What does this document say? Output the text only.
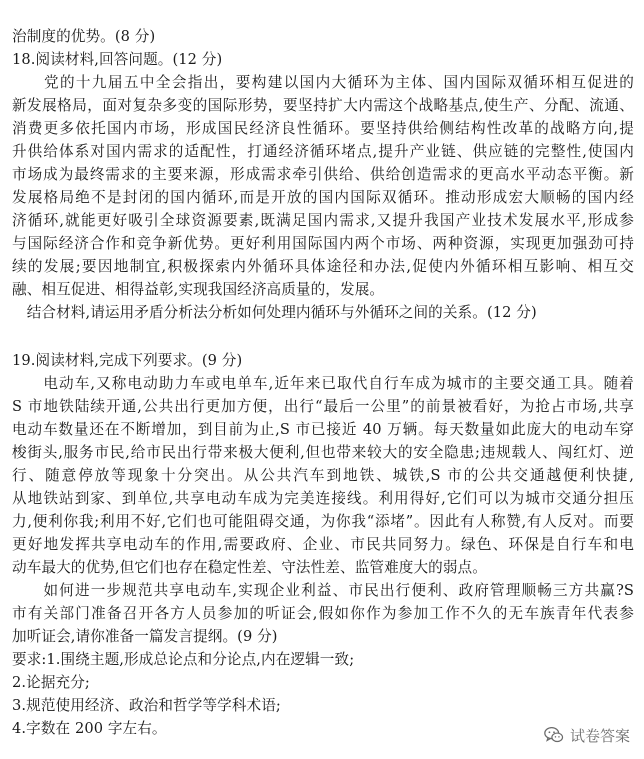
治制度的优势。(8 分)
18.阅读材料,回答问题。(12 分)
　　党的十九届五中全会指出，要构建以国内大循环为主体、国内国际双循环相互促进的
新发展格局，面对复杂多变的国际形势，要坚持扩大内需这个战略基点,使生产、分配、流通、
消费更多依托国内市场，形成国民经济良性循环。要坚持供给侧结构性改革的战略方向,提
升供给体系对国内需求的适配性，打通经济循环堵点,提升产业链、供应链的完整性,使国内
市场成为最终需求的主要来源，形成需求牵引供给、供给创造需求的更高水平动态平衡。新
发展格局绝不是封闭的国内循环,而是开放的国内国际双循环。推动形成宏大顺畅的国内经
济循环,就能更好吸引全球资源要素,既满足国内需求,又提升我国产业技术发展水平,形成参
与国际经济合作和竞争新优势。更好利用国际国内两个市场、两种资源，实现更加强劲可持
续的发展;要因地制宜,积极探索内外循环具体途径和办法,促使内外循环相互影响、相互交
融、相互促进、相得益彰,实现我国经济高质量的，发展。
　结合材料,请运用矛盾分析法分析如何处理内循环与外循环之间的关系。(12 分)
19.阅读材料,完成下列要求。(9 分)
　　电动车,又称电动助力车或电单车,近年来已取代自行车成为城市的主要交通工具。随着
S 市地铁陆续开通,公共出行更加方便，出行“最后一公里”的前景被看好，为抢占市场,共享
电动车数量还在不断增加，到目前为止,S 市已接近 40 万辆。每天数量如此庞大的电动车穿
梭街头,服务市民,给市民出行带来极大便利,但也带来较大的安全隐患;违规载人、闯红灯、逆
行、随意停放等现象十分突出。从公共汽车到地铁、城铁,S 市的公共交通越便利快捷,
从地铁站到家、到单位,共享电动车成为完美连接线。利用得好,它们可以为城市交通分担压
力,便利你我;利用不好,它们也可能阻碍交通，为你我“添堵”。因此有人称赞,有人反对。而要
更好地发挥共享电动车的作用,需要政府、企业、市民共同努力。绿色、环保是自行车和电
动车最大的优势,但它们也存在稳定性差、守法性差、监管难度大的弱点。
　　如何进一步规范共享电动车,实现企业利益、市民出行便利、政府管理顺畅三方共赢?S
市有关部门准备召开各方人员参加的听证会,假如你作为参加工作不久的无车族青年代表参
加听证会,请你准备一篇发言提纲。(9 分)
要求:1.围绕主题,形成总论点和分论点,内在逻辑一致;
2.论据充分;
3.规范使用经济、政治和哲学等学科术语;
4.字数在 200 字左右。	试卷答案
